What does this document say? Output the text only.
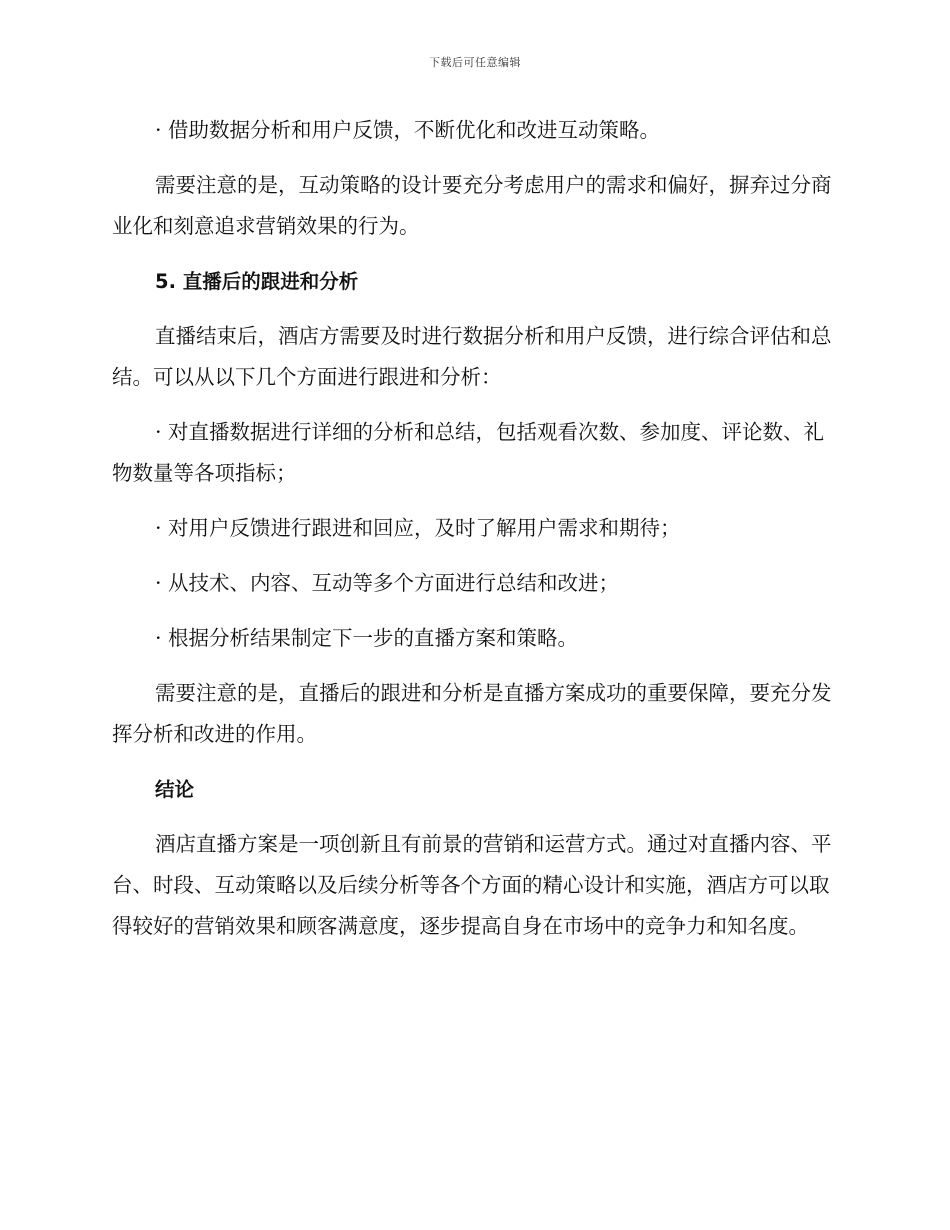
下载后可任意编辑

· 借助数据分析和用户反馈，不断优化和改进互动策略。

需要注意的是，互动策略的设计要充分考虑用户的需求和偏好，摒弃过分商业化和刻意追求营销效果的行为。

5. 直播后的跟进和分析

直播结束后，酒店方需要及时进行数据分析和用户反馈，进行综合评估和总结。可以从以下几个方面进行跟进和分析：

· 对直播数据进行详细的分析和总结，包括观看次数、参加度、评论数、礼物数量等各项指标；

· 对用户反馈进行跟进和回应，及时了解用户需求和期待；

· 从技术、内容、互动等多个方面进行总结和改进；

· 根据分析结果制定下一步的直播方案和策略。

需要注意的是，直播后的跟进和分析是直播方案成功的重要保障，要充分发挥分析和改进的作用。

结论

酒店直播方案是一项创新且有前景的营销和运营方式。通过对直播内容、平台、时段、互动策略以及后续分析等各个方面的精心设计和实施，酒店方可以取得较好的营销效果和顾客满意度，逐步提高自身在市场中的竞争力和知名度。
